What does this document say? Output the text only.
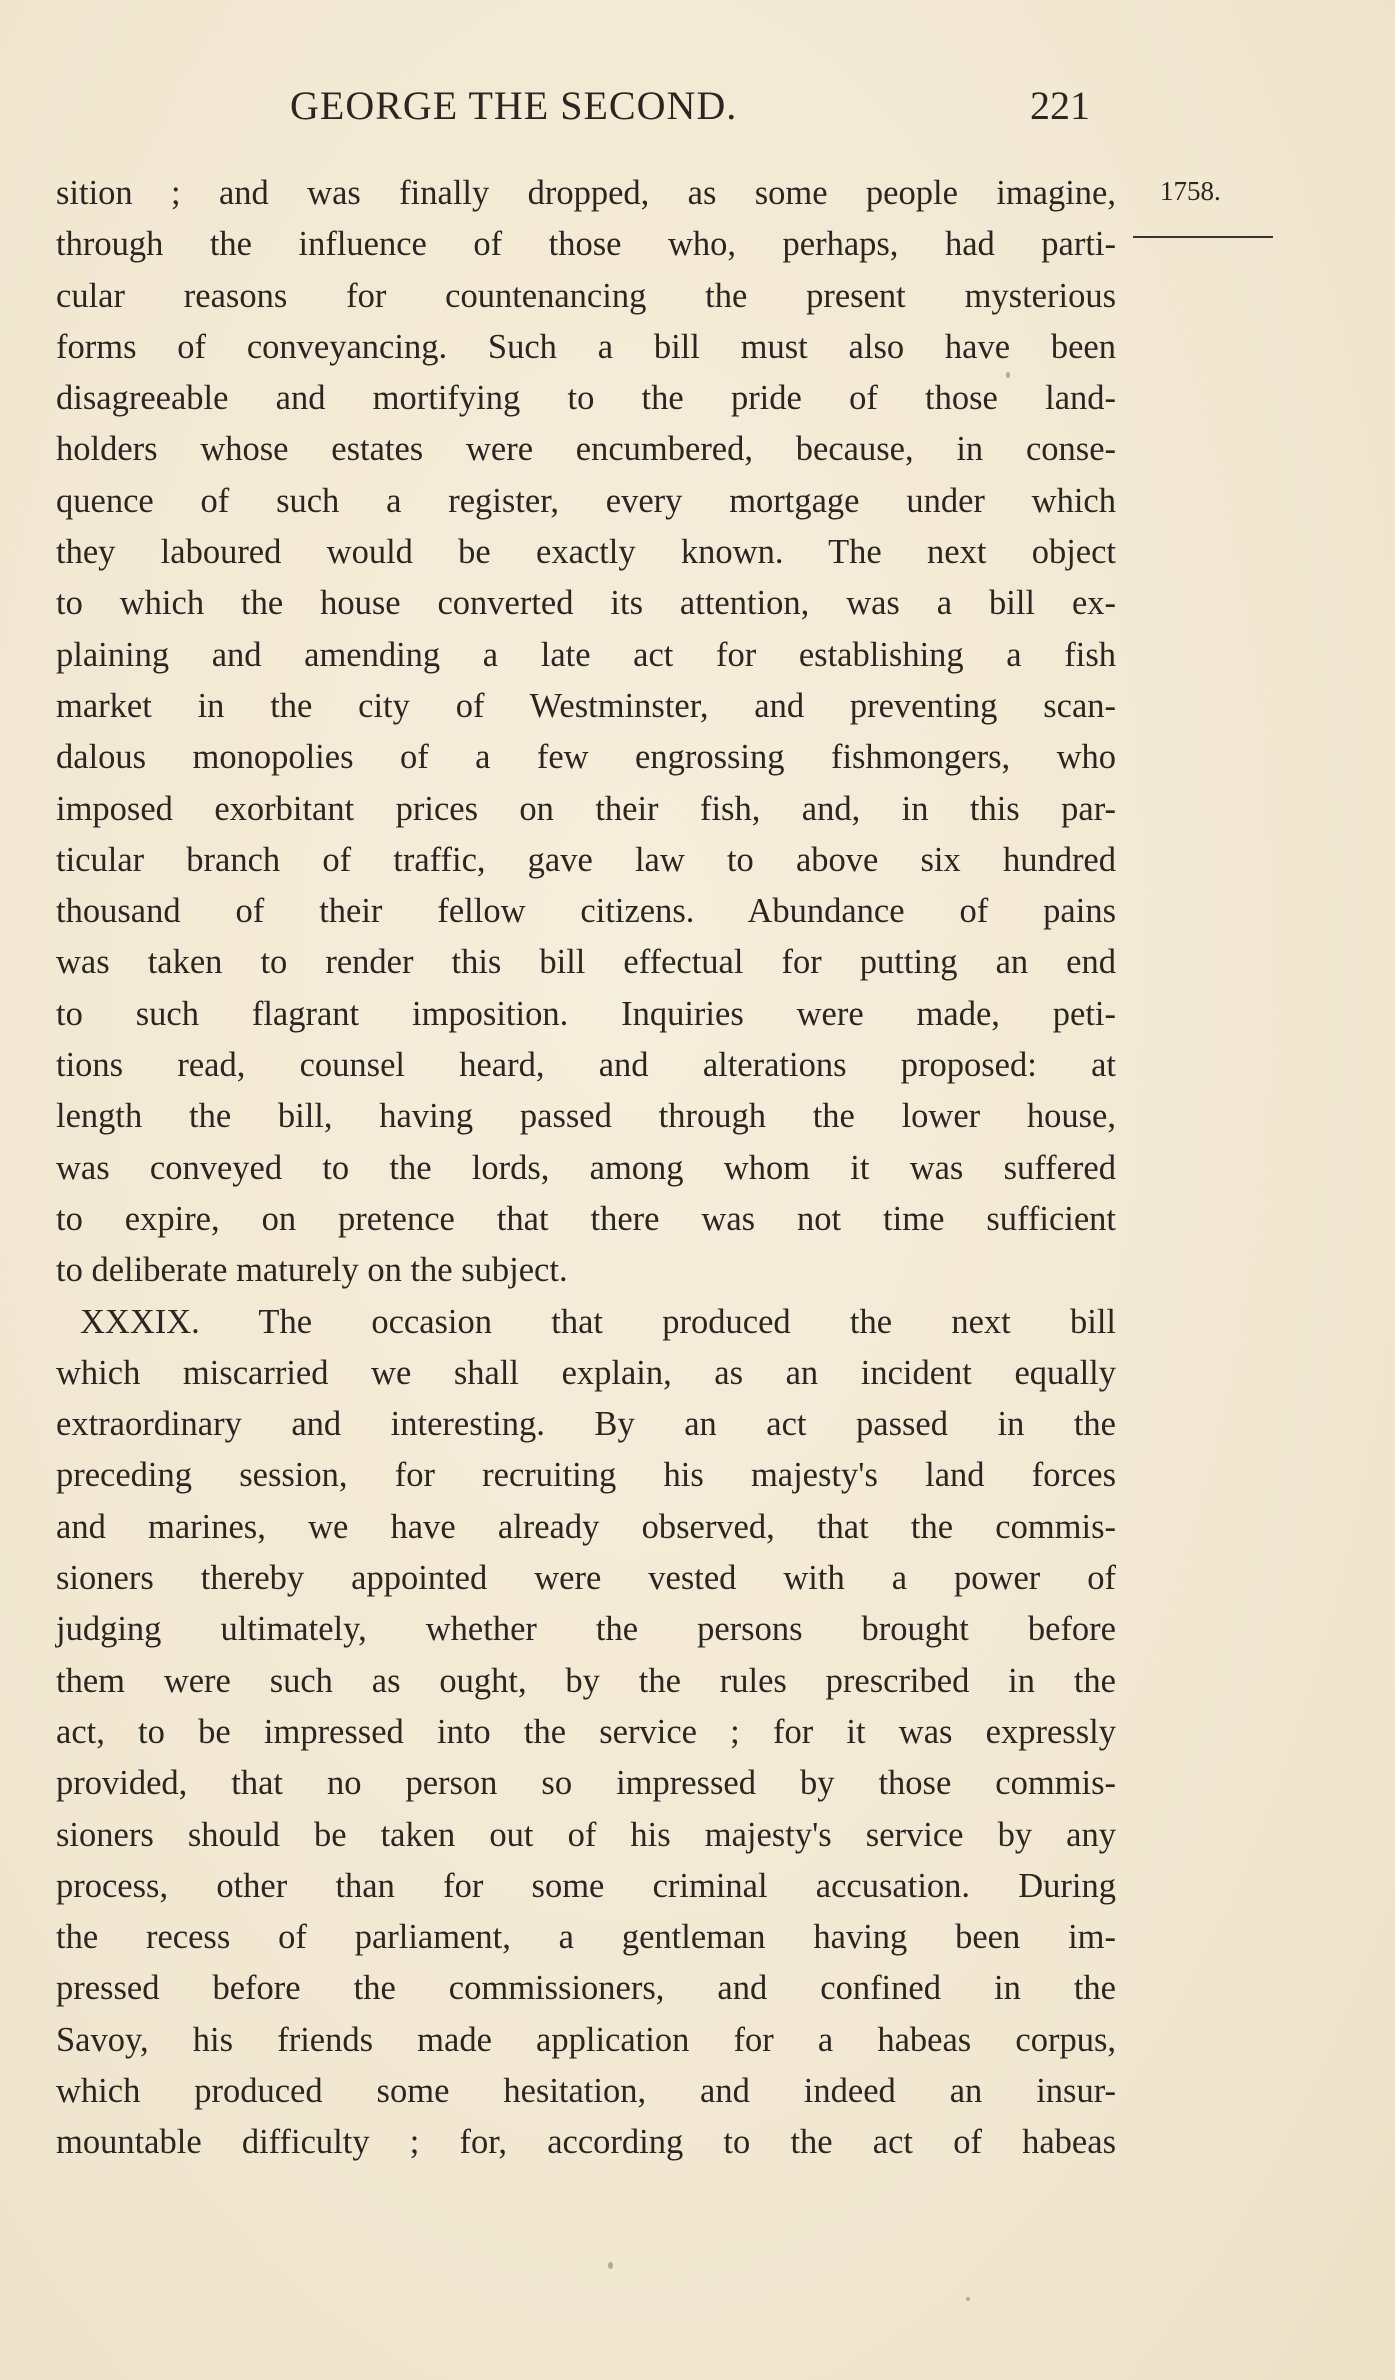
GEORGE THE SECOND.	221
1758.
sition ; and was finally dropped, as some people imagine,
through the influence of those who, perhaps, had parti-
cular reasons for countenancing the present mysterious
forms of conveyancing. Such a bill must also have been
disagreeable and mortifying to the pride of those land-
holders whose estates were encumbered, because, in conse-
quence of such a register, every mortgage under which
they laboured would be exactly known. The next object
to which the house converted its attention, was a bill ex-
plaining and amending a late act for establishing a fish
market in the city of Westminster, and preventing scan-
dalous monopolies of a few engrossing fishmongers, who
imposed exorbitant prices on their fish, and, in this par-
ticular branch of traffic, gave law to above six hundred
thousand of their fellow citizens. Abundance of pains
was taken to render this bill effectual for putting an end
to such flagrant imposition. Inquiries were made, peti-
tions read, counsel heard, and alterations proposed: at
length the bill, having passed through the lower house,
was conveyed to the lords, among whom it was suffered
to expire, on pretence that there was not time sufficient
to deliberate maturely on the subject.
XXXIX. The occasion that produced the next bill
which miscarried we shall explain, as an incident equally
extraordinary and interesting. By an act passed in the
preceding session, for recruiting his majesty's land forces
and marines, we have already observed, that the commis-
sioners thereby appointed were vested with a power of
judging ultimately, whether the persons brought before
them were such as ought, by the rules prescribed in the
act, to be impressed into the service ; for it was expressly
provided, that no person so impressed by those commis-
sioners should be taken out of his majesty's service by any
process, other than for some criminal accusation. During
the recess of parliament, a gentleman having been im-
pressed before the commissioners, and confined in the
Savoy, his friends made application for a habeas corpus,
which produced some hesitation, and indeed an insur-
mountable difficulty ; for, according to the act of habeas
